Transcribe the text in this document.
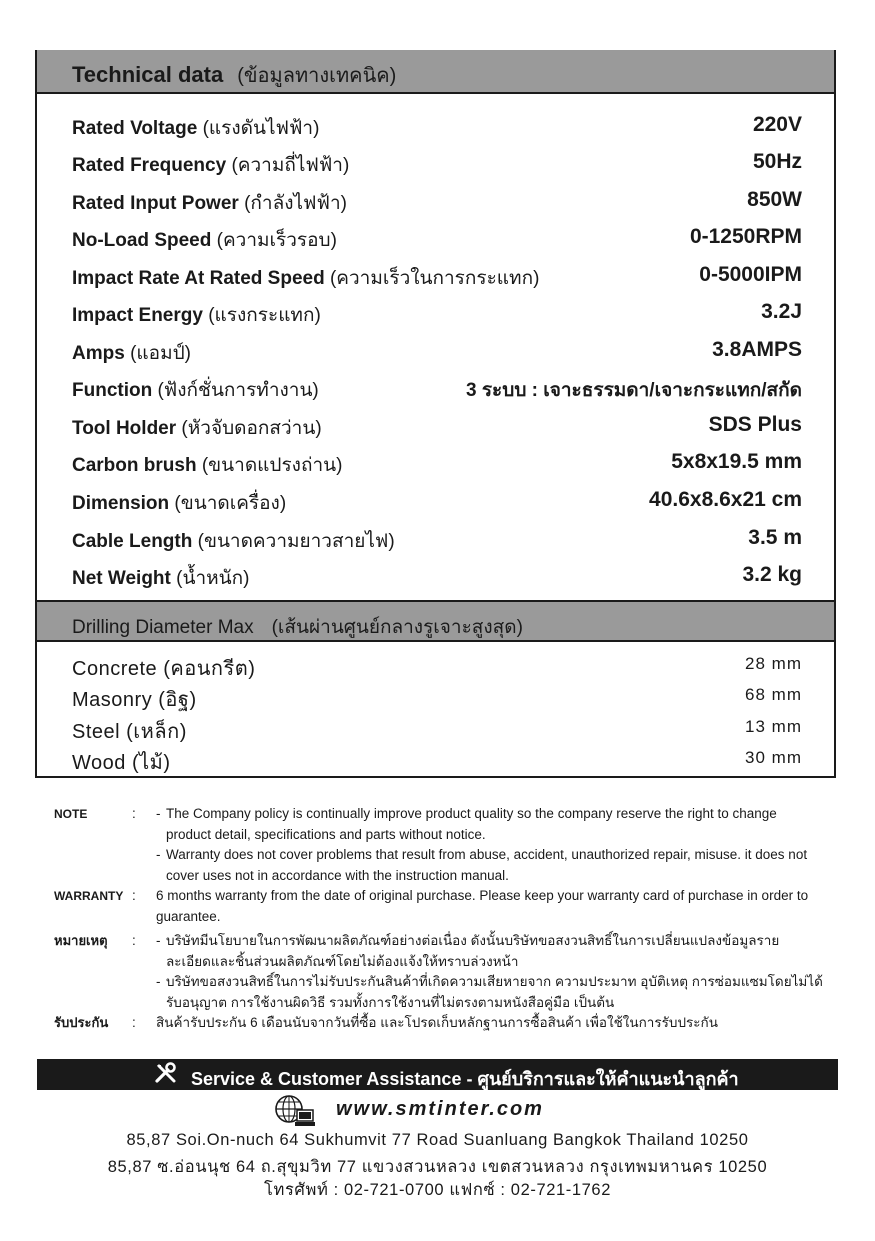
Technical data (ข้อมูลทางเทคนิค)
Rated Voltage (แรงดันไฟฟ้า)	220V
Rated Frequency (ความถี่ไฟฟ้า)	50Hz
Rated Input Power (กำลังไฟฟ้า)	850W
No-Load Speed (ความเร็วรอบ)	0-1250RPM
Impact Rate At Rated Speed (ความเร็วในการกระแทก)	0-5000IPM
Impact Energy (แรงกระแทก)	3.2J
Amps (แอมป์)	3.8AMPS
Function (ฟังก์ชั่นการทำงาน)	3 ระบบ : เจาะธรรมดา/เจาะกระแทก/สกัด
Tool Holder (หัวจับดอกสว่าน)	SDS Plus
Carbon brush (ขนาดแปรงถ่าน)	5x8x19.5 mm
Dimension (ขนาดเครื่อง)	40.6x8.6x21 cm
Cable Length (ขนาดความยาวสายไฟ)	3.5 m
Net Weight (น้ำหนัก)	3.2 kg
Drilling Diameter Max (เส้นผ่านศูนย์กลางรูเจาะสูงสุด)
Concrete (คอนกรีต)	28 mm
Masonry (อิฐ)	68 mm
Steel (เหล็ก)	13 mm
Wood (ไม้)	30 mm
NOTE	: - The Company policy is continually improve product quality so the company reserve the right to change product detail, specifications and parts without notice.
- Warranty does not cover problems that result from abuse, accident, unauthorized repair, misuse. it does not cover uses not in accordance with the instruction manual.
WARRANTY : 6 months warranty from the date of original purchase. Please keep your warranty card of purchase in order to guarantee.
หมายเหตุ : - บริษัทมีนโยบายในการพัฒนาผลิตภัณฑ์อย่างต่อเนื่อง ดังนั้นบริษัทขอสงวนสิทธิ์ในการเปลี่ยนแปลงข้อมูลรายละเอียดและชิ้นส่วนผลิตภัณฑ์โดยไม่ต้องแจ้งให้ทราบล่วงหน้า
- บริษัทขอสงวนสิทธิ์ในการไม่รับประกันสินค้าที่เกิดความเสียหายจาก ความประมาท อุบัติเหตุ การซ่อมแซมโดยไม่ได้รับอนุญาต การใช้งานผิดวิธี รวมทั้งการใช้งานที่ไม่ตรงตามหนังสือคู่มือ เป็นต้น
รับประกัน : สินค้ารับประกัน 6 เดือนนับจากวันที่ซื้อ และโปรดเก็บหลักฐานการซื้อสินค้า เพื่อใช้ในการรับประกัน
Service & Customer Assistance - ศูนย์บริการและให้คำแนะนำลูกค้า
www.smtinter.com
85,87 Soi.On-nuch 64 Sukhumvit 77 Road Suanluang Bangkok Thailand 10250
85,87 ซ.อ่อนนุช 64 ถ.สุขุมวิท 77 แขวงสวนหลวง เขตสวนหลวง กรุงเทพมหานคร 10250
โทรศัพท์ : 02-721-0700 แฟกซ์ : 02-721-1762
